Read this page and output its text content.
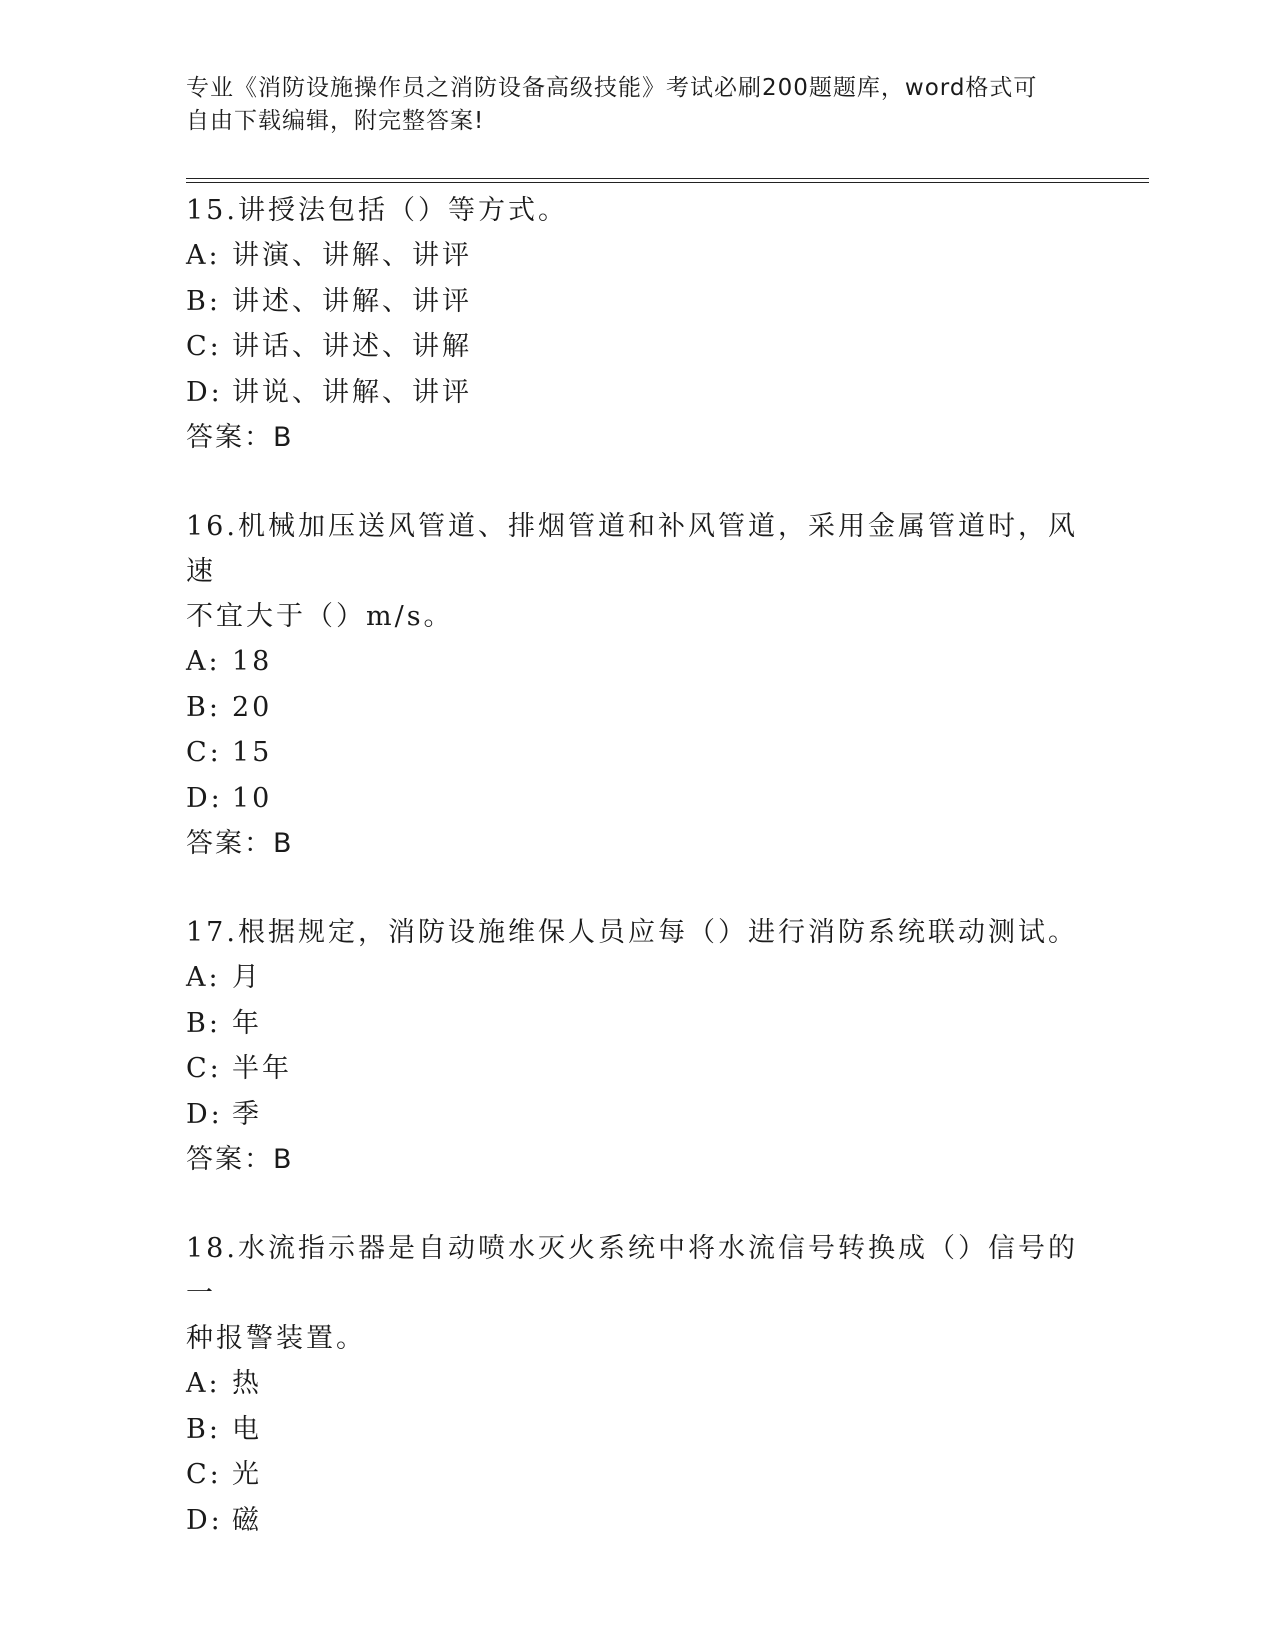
专业《消防设施操作员之消防设备高级技能》考试必刷200题题库，word格式可
自由下载编辑，附完整答案!

15.讲授法包括（）等方式。

A: 讲演、讲解、讲评

B: 讲述、讲解、讲评

C: 讲话、讲述、讲解

D: 讲说、讲解、讲评

答案：B

16.机械加压送风管道、排烟管道和补风管道，采用金属管道时，风速

不宜大于（）m/s。

A: 18

B: 20

C: 15

D: 10

答案：B

17.根据规定，消防设施维保人员应每（）进行消防系统联动测试。

A: 月

B: 年

C: 半年

D: 季

答案：B

18.水流指示器是自动喷水灭火系统中将水流信号转换成（）信号的一

种报警装置。

A: 热

B: 电

C: 光

D: 磁
